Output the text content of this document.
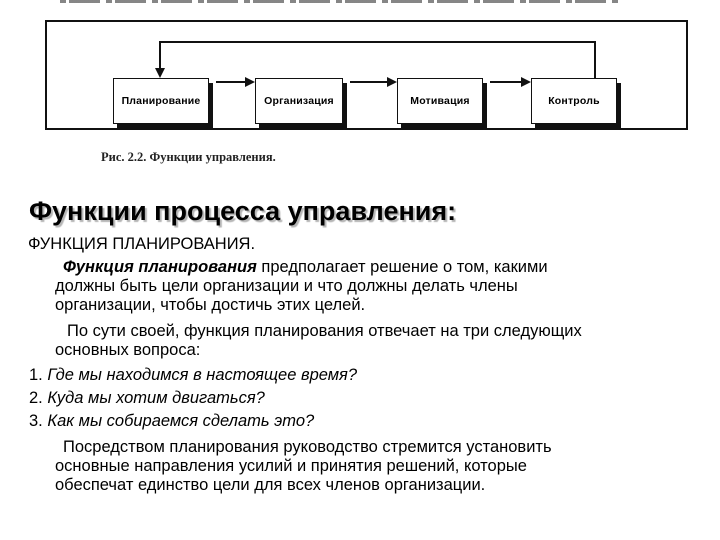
Планирование	Организация	Мотивация	Контроль
Рис. 2.2. Функции управления.
Функции процесса управления:
ФУНКЦИЯ ПЛАНИРОВАНИЯ.
Функция планирования предполагает решение о том, какими
должны быть цели организации и что должны делать члены
организации, чтобы достичь этих целей.
По сути своей, функция планирования отвечает на три следующих
основных вопроса:
1. Где мы находимся в настоящее время?
2. Куда мы хотим двигаться?
3. Как мы собираемся сделать это?
Посредством планирования руководство стремится установить
основные направления усилий и принятия решений, которые
обеспечат единство цели для всех членов организации.
